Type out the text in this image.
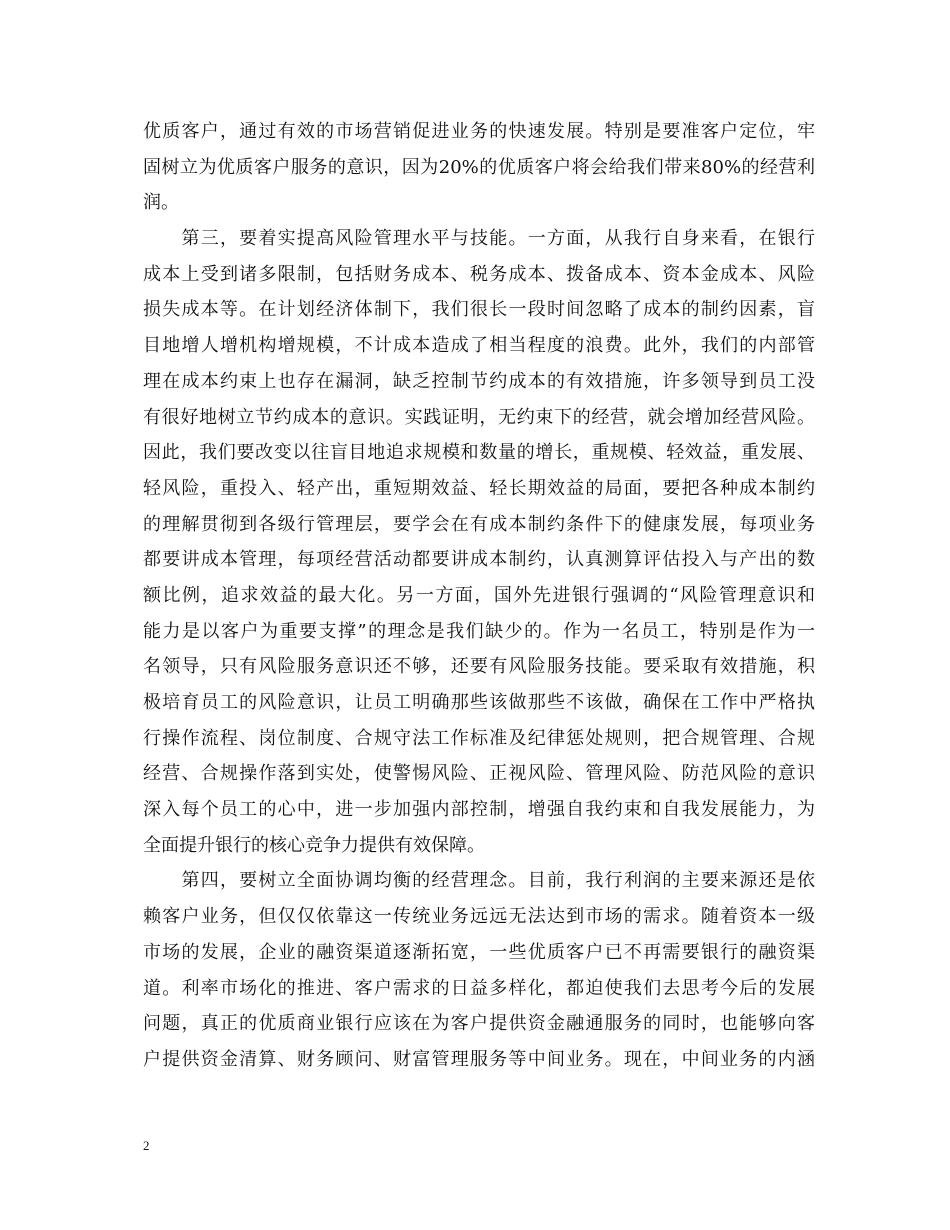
优质客户，通过有效的市场营销促进业务的快速发展。特别是要准客户定位，牢
固树立为优质客户服务的意识，因为20%的优质客户将会给我们带来80%的经营利
润。
　　第三，要着实提高风险管理水平与技能。一方面，从我行自身来看，在银行
成本上受到诸多限制，包括财务成本、税务成本、拨备成本、资本金成本、风险
损失成本等。在计划经济体制下，我们很长一段时间忽略了成本的制约因素，盲
目地增人增机构增规模，不计成本造成了相当程度的浪费。此外，我们的内部管
理在成本约束上也存在漏洞，缺乏控制节约成本的有效措施，许多领导到员工没
有很好地树立节约成本的意识。实践证明，无约束下的经营，就会增加经营风险。
因此，我们要改变以往盲目地追求规模和数量的增长，重规模、轻效益，重发展、
轻风险，重投入、轻产出，重短期效益、轻长期效益的局面，要把各种成本制约
的理解贯彻到各级行管理层，要学会在有成本制约条件下的健康发展，每项业务
都要讲成本管理，每项经营活动都要讲成本制约，认真测算评估投入与产出的数
额比例，追求效益的最大化。另一方面，国外先进银行强调的“风险管理意识和
能力是以客户为重要支撑”的理念是我们缺少的。作为一名员工，特别是作为一
名领导，只有风险服务意识还不够，还要有风险服务技能。要采取有效措施，积
极培育员工的风险意识，让员工明确那些该做那些不该做，确保在工作中严格执
行操作流程、岗位制度、合规守法工作标准及纪律惩处规则，把合规管理、合规
经营、合规操作落到实处，使警惕风险、正视风险、管理风险、防范风险的意识
深入每个员工的心中，进一步加强内部控制，增强自我约束和自我发展能力，为
全面提升银行的核心竞争力提供有效保障。
　　第四，要树立全面协调均衡的经营理念。目前，我行利润的主要来源还是依
赖客户业务，但仅仅依靠这一传统业务远远无法达到市场的需求。随着资本一级
市场的发展，企业的融资渠道逐渐拓宽，一些优质客户已不再需要银行的融资渠
道。利率市场化的推进、客户需求的日益多样化，都迫使我们去思考今后的发展
问题，真正的优质商业银行应该在为客户提供资金融通服务的同时，也能够向客
户提供资金清算、财务顾问、财富管理服务等中间业务。现在，中间业务的内涵
2
